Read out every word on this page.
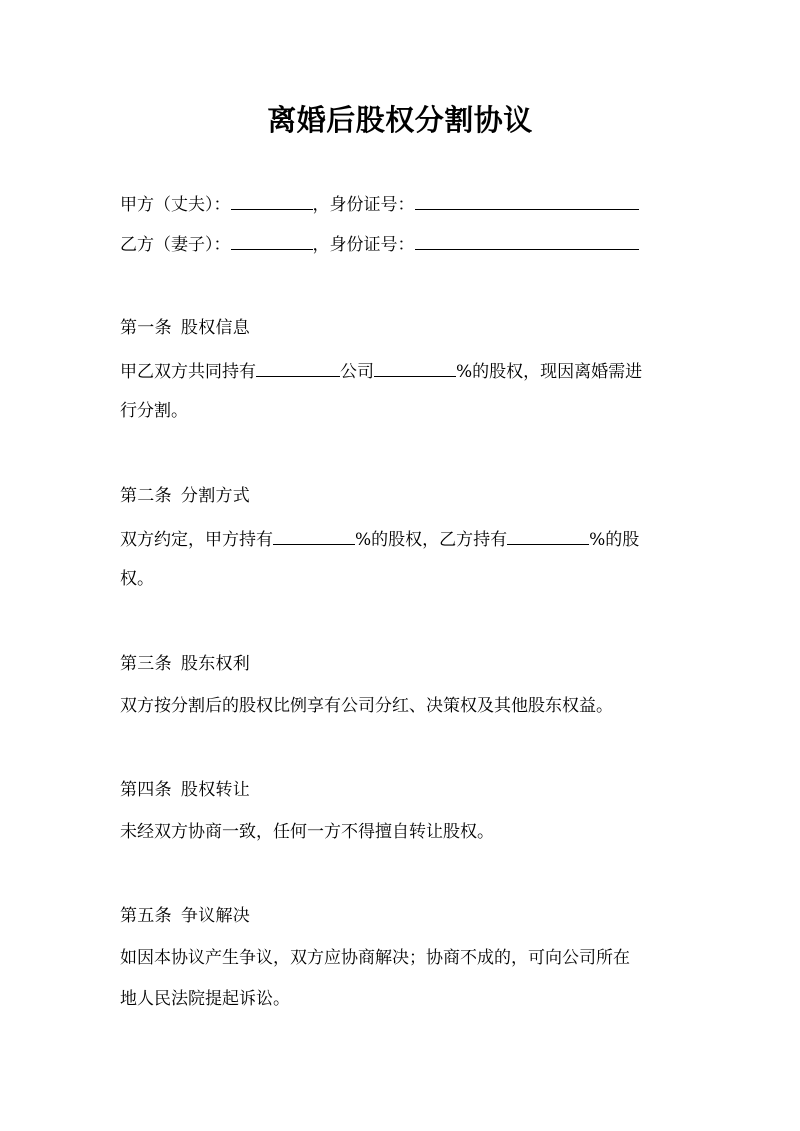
离婚后股权分割协议
甲方（丈夫）：	，身份证号：
乙方（妻子）：	，身份证号：
第一条 股权信息
甲乙双方共同持有	公司	%的股权，现因离婚需进
行分割。
第二条 分割方式
双方约定，甲方持有	%的股权，乙方持有	%的股
权。
第三条 股东权利
双方按分割后的股权比例享有公司分红、决策权及其他股东权益。
第四条 股权转让
未经双方协商一致，任何一方不得擅自转让股权。
第五条 争议解决
如因本协议产生争议，双方应协商解决；协商不成的，可向公司所在
地人民法院提起诉讼。
